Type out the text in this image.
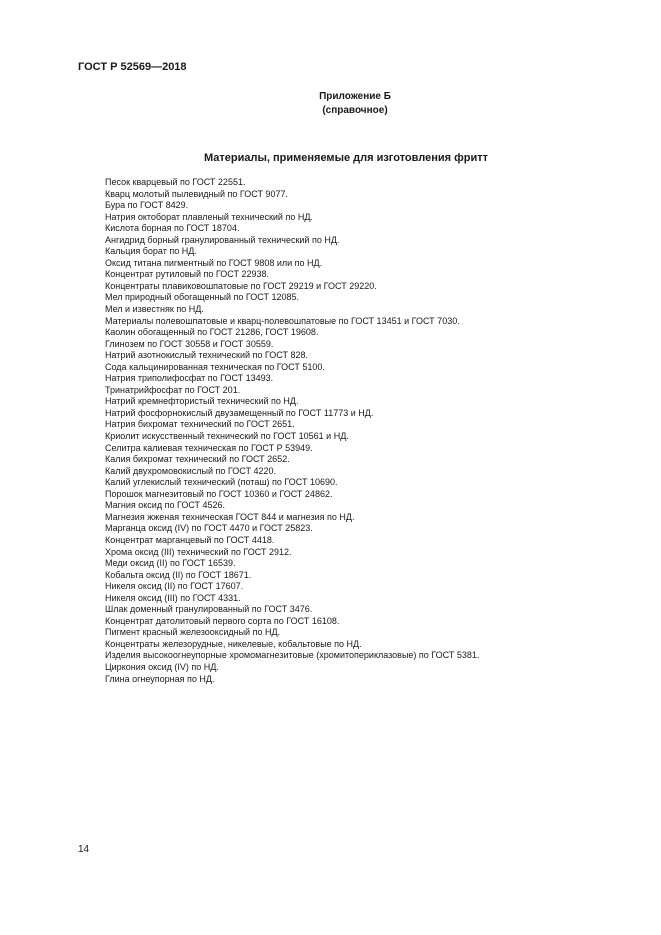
ГОСТ Р 52569—2018
Приложение Б
(справочное)
Материалы, применяемые для изготовления фритт
Песок кварцевый по ГОСТ 22551.
Кварц молотый пылевидный по ГОСТ 9077.
Бура по ГОСТ 8429.
Натрия октоборат плавленый технический по НД.
Кислота борная по ГОСТ 18704.
Ангидрид борный гранулированный технический по НД.
Кальция борат по НД.
Оксид титана пигментный по ГОСТ 9808 или по НД.
Концентрат рутиловый по ГОСТ 22938.
Концентраты плавиковошпатовые по ГОСТ 29219 и ГОСТ 29220.
Мел природный обогащенный по ГОСТ 12085.
Мел и известняк по НД.
Материалы полевошпатовые и кварц-полевошпатовые по ГОСТ 13451 и ГОСТ 7030.
Каолин обогащенный по ГОСТ 21286, ГОСТ 19608.
Глинозем по ГОСТ 30558 и ГОСТ 30559.
Натрий азотнокислый технический по ГОСТ 828.
Сода кальцинированная техническая по ГОСТ 5100.
Натрия триполифосфат по ГОСТ 13493.
Тринатрийфосфат по ГОСТ 201.
Натрий кремнефтористый технический по НД.
Натрий фосфорнокислый двузамещенный по ГОСТ 11773 и НД.
Натрия бихромат технический по ГОСТ 2651.
Криолит искусственный технический по ГОСТ 10561 и НД.
Селитра калиевая техническая по ГОСТ Р 53949.
Калия бихромат технический по ГОСТ 2652.
Калий двухромовокислый по ГОСТ 4220.
Калий углекислый технический (поташ) по ГОСТ 10690.
Порошок магнезитовый по ГОСТ 10360 и ГОСТ 24862.
Магния оксид по ГОСТ 4526.
Магнезия жженая техническая ГОСТ 844 и магнезия по НД.
Марганца оксид (IV) по ГОСТ 4470 и ГОСТ 25823.
Концентрат марганцевый по ГОСТ 4418.
Хрома оксид (III) технический по ГОСТ 2912.
Меди оксид (II) по ГОСТ 16539.
Кобальта оксид (II) по ГОСТ 18671.
Никеля оксид (II) по ГОСТ 17607.
Никеля оксид (III) по ГОСТ 4331.
Шлак доменный гранулированный по ГОСТ 3476.
Концентрат датолитовый первого сорта по ГОСТ 16108.
Пигмент красный железооксидный по НД.
Концентраты железорудные, никелевые, кобальтовые по НД.
Изделия высокоогнеупорные хромомагнезитовые (хромитопериклазовые) по ГОСТ 5381.
Циркония оксид (IV) по НД.
Глина огнеупорная по НД.
14
